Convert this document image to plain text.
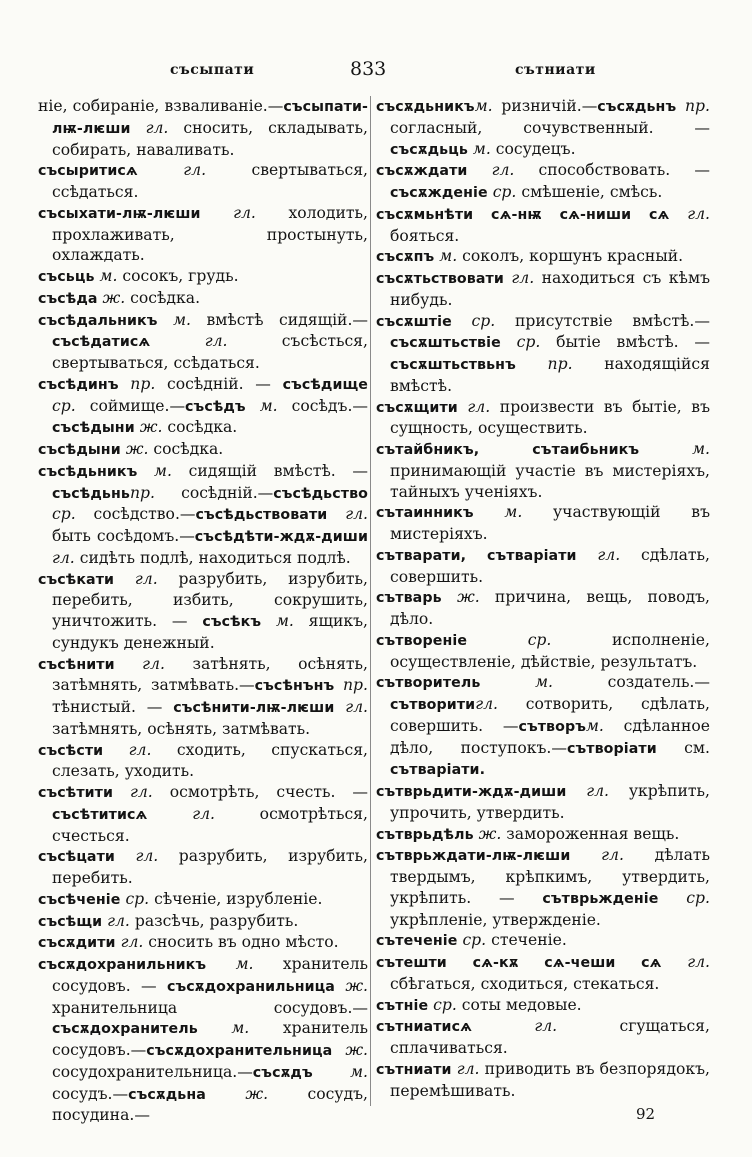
съсыпати	833	сътниати

ніе, собираніе, взваливаніе.—съсыпати-лѭ-лѥши гл. сносить, складывать, собирать, наваливать.

съсыритисѧ	гл. свертываться, ссѣдаться.

съсыхати-лѭ-лѥши гл. холодить, прохлаживать, простынуть, охлаждать.

съсьць м. сосокъ, грудь.

съсѣда ж. сосѣдка.

съсѣдальникъ м. вмѣстѣ сидящій.—съсѣдатисѧ	гл. съсѣсться, свертываться, ссѣдаться.

съсѣдинъ пр. сосѣдній. — съсѣдище ср. соймище.—съсѣдъ м. сосѣдъ.—съсѣдыни ж. сосѣдка.

съсѣдыни ж. сосѣдка.

съсѣдьникъ м. сидящій вмѣстѣ. — съсѣдьньпр. сосѣдній.—съсѣдьство ср. сосѣдство.—съсѣдьствовати гл. быть сосѣдомъ.—съсѣдѣти-ждѫ-диши гл. сидѣть подлѣ, находиться подлѣ.

съсѣкати гл. разрубить, изрубить, перебить, избить, сокрушить, уничтожить. — съсѣкъ м. ящикъ, сундукъ денежный.

съсѣнити гл. затѣнять, осѣнять, затѣмнять, затмѣвать.—съсѣнънъ пр. тѣнистый. — съсѣнити-лѭ-лѥши гл. затѣмнять, осѣнять, затмѣвать.

съсѣсти гл. сходить, спускаться, слезать, уходить.

съсѣтити гл. осмотрѣть, счесть. — съсѣтитисѧ	гл. осмотрѣться, счесться.

съсѣцати гл. разрубить, изрубить, перебить.

съсѣченіе ср. сѣченіе, изрубленіе.

съсѣщи гл. разсѣчь, разрубить.

съсѫдити гл. сносить въ одно мѣсто.

съсѫдохранильникъ м. хранитель сосудовъ. — съсѫдохранильница ж. хранительница сосудовъ.—съсѫдохранитель м. хранитель сосудовъ.—съсѫдохранительница ж. сосудохранительница.—съсѫдъ м. сосудъ.—съсѫдьна	ж. сосудъ, посудина.—

съсѫдьникъм. ризничій.—съсѫдьнъ пр. согласный, сочувственный. — съсѫдьць м. сосудецъ.

съсѫждати гл. способствовать. — съсѫжденіе ср. смѣшеніе, смѣсь.

съсѫмьнѣти сѧ-нѭ сѧ-ниши сѧ гл. бояться.

съсѫпъ м. соколъ, коршунъ красный.

съсѫтьствовати гл. находиться съ кѣмъ нибудь.

съсѫштіе ср. присутствіе вмѣстѣ.— съсѫштьствіе ср. бытіе вмѣстѣ. — съсѫштьствьнъ пр. находящійся вмѣстѣ.

съсѫщити гл. произвести въ бытіе, въ сущность, осуществить.

сътайбникъ, сътаибьникъ	м. принимающій участіе въ мистеріяхъ, тайныхъ ученіяхъ.

сътаинникъ м. участвующій въ мистеріяхъ.

сътварати, сътварiати гл. сдѣлать, совершить.

сътварь ж. причина, вещь, поводъ, дѣло.

сътвореніе	ср. исполненіе, осуществленіе, дѣйствіе, результатъ.

сътворитель	м. создатель.—сътворитигл. сотворить, сдѣлать, совершить. —сътворъм. сдѣланное дѣло, поступокъ.—сътворiати см. сътварiати.

сътврьдити-ждѫ-диши гл. укрѣпить, упрочить, утвердить.

сътврьдѣль ж. замороженная вещь.

сътврьждати-лѭ-лѥши гл. дѣлать твердымъ, крѣпкимъ, утвердить, укрѣпить. — сътврьжденіе ср. укрѣпленіе, утвержденіе.

сътеченіе ср. стеченіе.

сътешти сѧ-кѫ сѧ-чеши сѧ гл. сбѣгаться, сходиться, стекаться.

сътніе ср. соты медовые.

сътниатисѧ	гл. сгущаться, сплачиваться.

сътниати гл. приводить въ безпорядокъ, перемѣшивать.

92
